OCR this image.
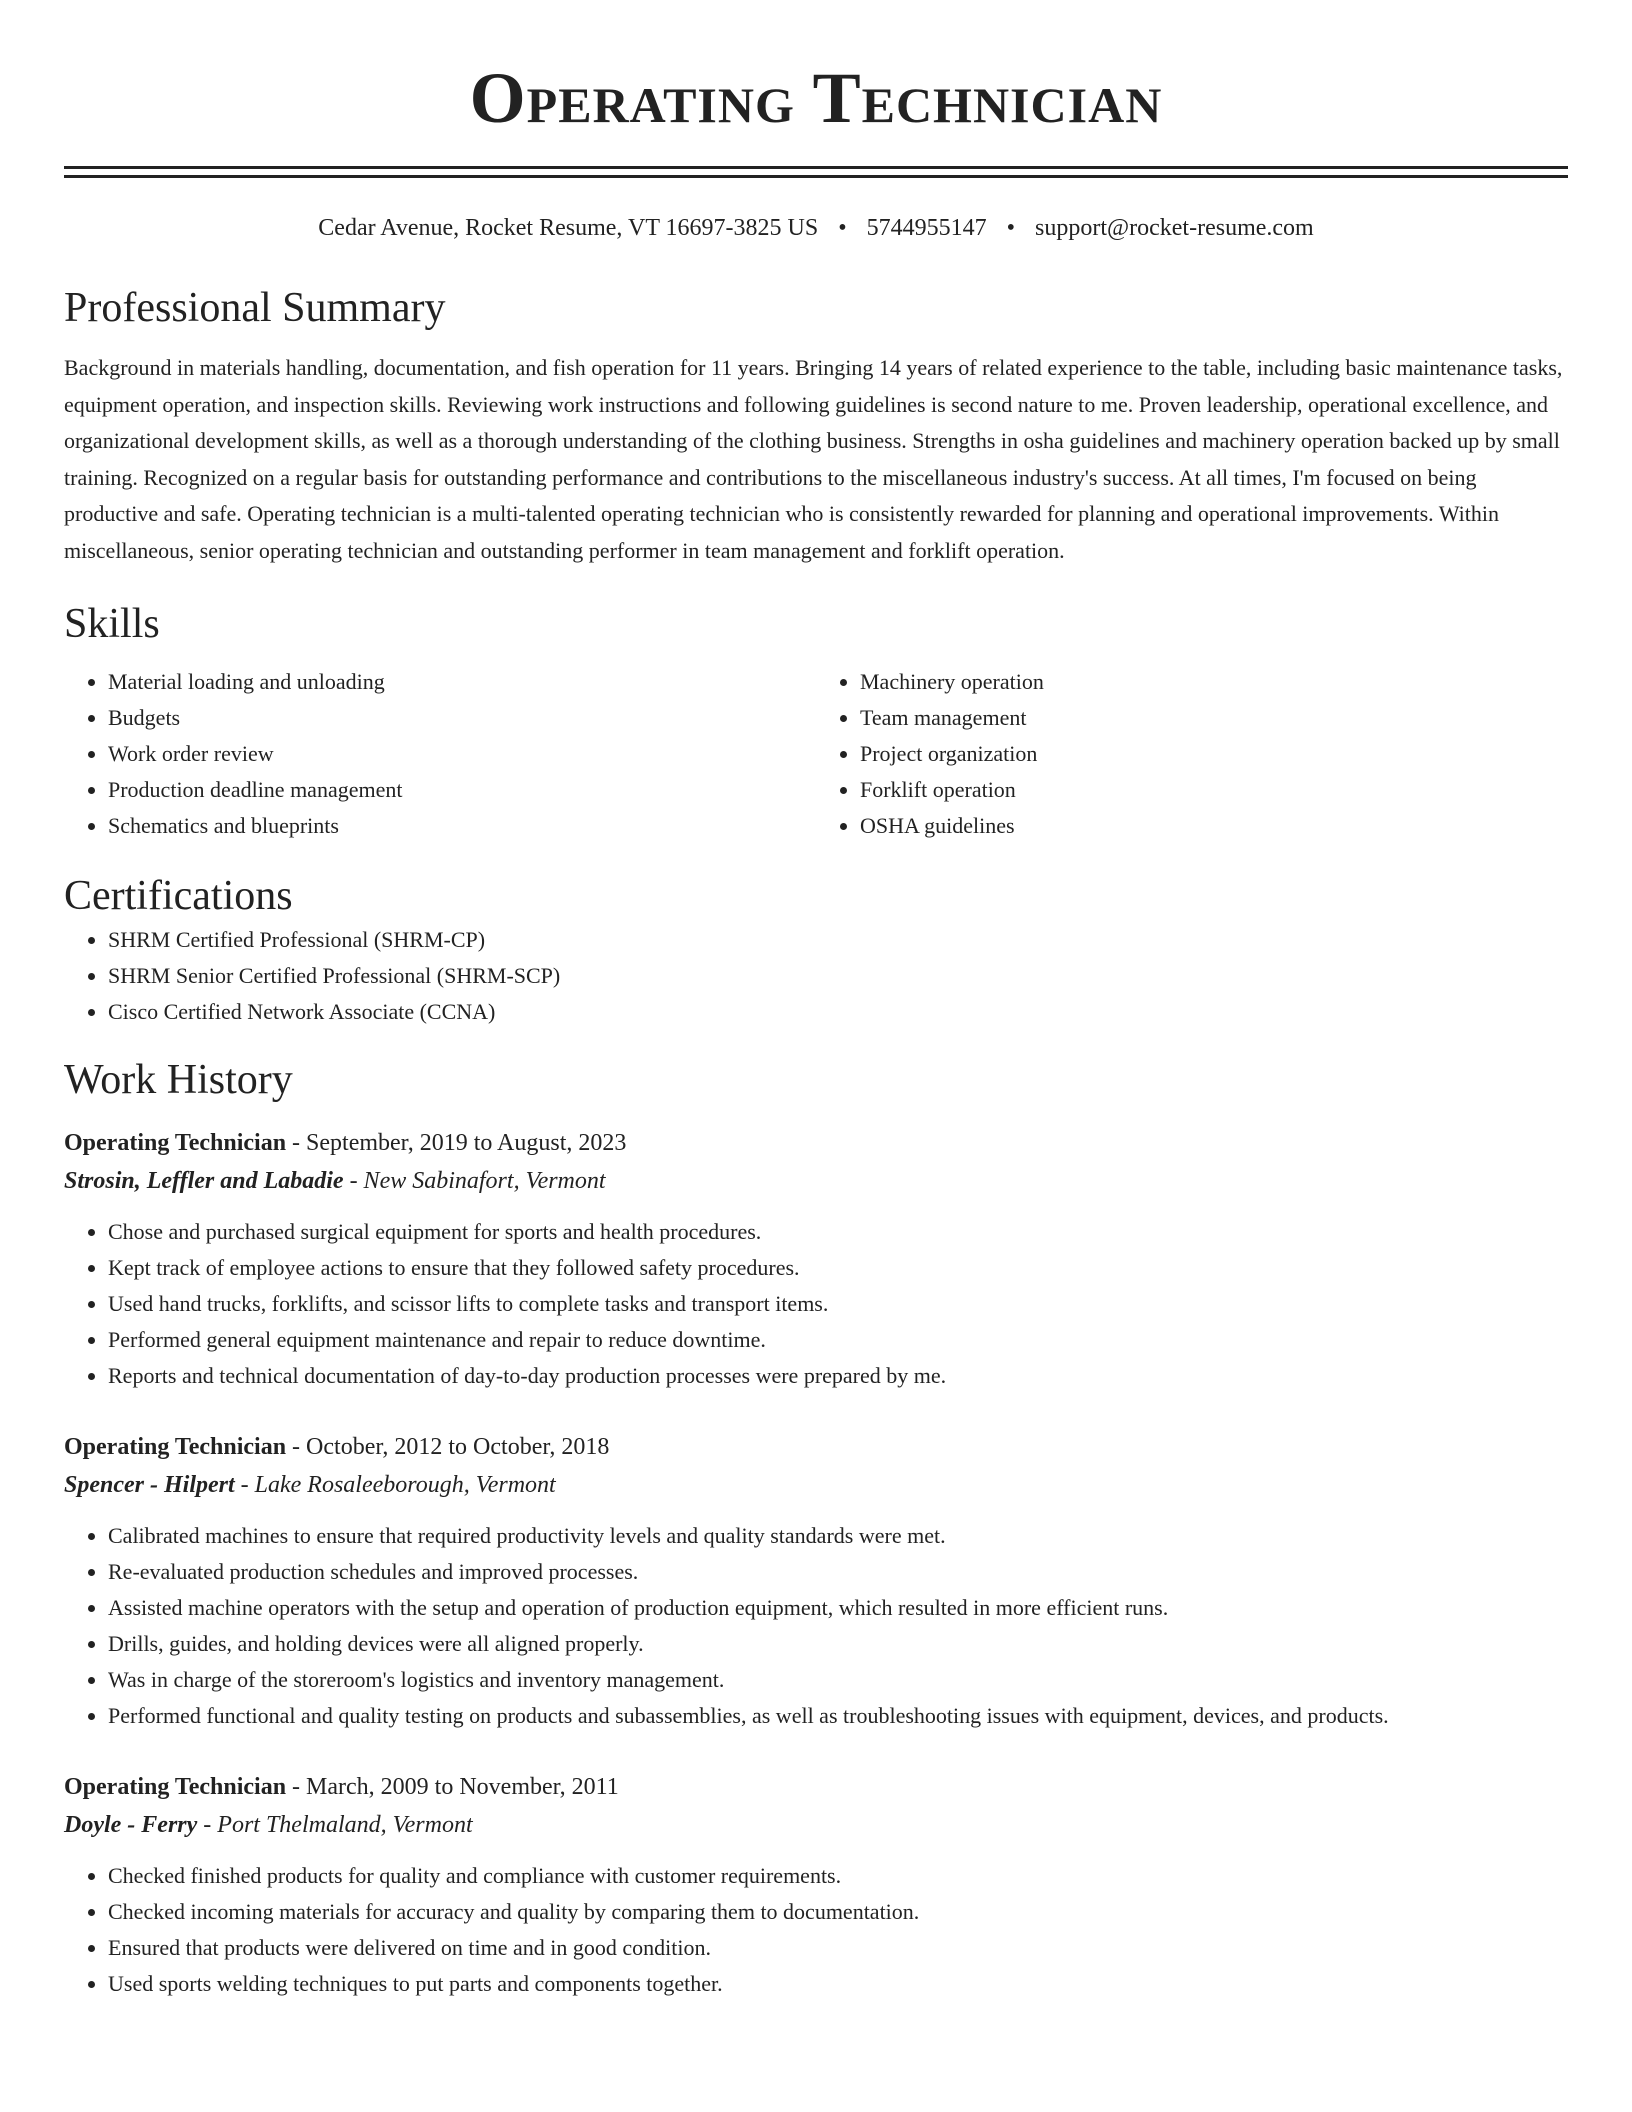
Operating Technician
Cedar Avenue, Rocket Resume, VT 16697-3825 US • 5744955147 • support@rocket-resume.com
Professional Summary
Background in materials handling, documentation, and fish operation for 11 years. Bringing 14 years of related experience to the table, including basic maintenance tasks, equipment operation, and inspection skills. Reviewing work instructions and following guidelines is second nature to me. Proven leadership, operational excellence, and organizational development skills, as well as a thorough understanding of the clothing business. Strengths in osha guidelines and machinery operation backed up by small training. Recognized on a regular basis for outstanding performance and contributions to the miscellaneous industry's success. At all times, I'm focused on being productive and safe. Operating technician is a multi-talented operating technician who is consistently rewarded for planning and operational improvements. Within miscellaneous, senior operating technician and outstanding performer in team management and forklift operation.
Skills
• Material loading and unloading
• Budgets
• Work order review
• Production deadline management
• Schematics and blueprints
• Machinery operation
• Team management
• Project organization
• Forklift operation
• OSHA guidelines
Certifications
• SHRM Certified Professional (SHRM-CP)
• SHRM Senior Certified Professional (SHRM-SCP)
• Cisco Certified Network Associate (CCNA)
Work History
Operating Technician - September, 2019 to August, 2023
Strosin, Leffler and Labadie - New Sabinafort, Vermont
• Chose and purchased surgical equipment for sports and health procedures.
• Kept track of employee actions to ensure that they followed safety procedures.
• Used hand trucks, forklifts, and scissor lifts to complete tasks and transport items.
• Performed general equipment maintenance and repair to reduce downtime.
• Reports and technical documentation of day-to-day production processes were prepared by me.
Operating Technician - October, 2012 to October, 2018
Spencer - Hilpert - Lake Rosaleeborough, Vermont
• Calibrated machines to ensure that required productivity levels and quality standards were met.
• Re-evaluated production schedules and improved processes.
• Assisted machine operators with the setup and operation of production equipment, which resulted in more efficient runs.
• Drills, guides, and holding devices were all aligned properly.
• Was in charge of the storeroom's logistics and inventory management.
• Performed functional and quality testing on products and subassemblies, as well as troubleshooting issues with equipment, devices, and products.
Operating Technician - March, 2009 to November, 2011
Doyle - Ferry - Port Thelmaland, Vermont
• Checked finished products for quality and compliance with customer requirements.
• Checked incoming materials for accuracy and quality by comparing them to documentation.
• Ensured that products were delivered on time and in good condition.
• Used sports welding techniques to put parts and components together.
